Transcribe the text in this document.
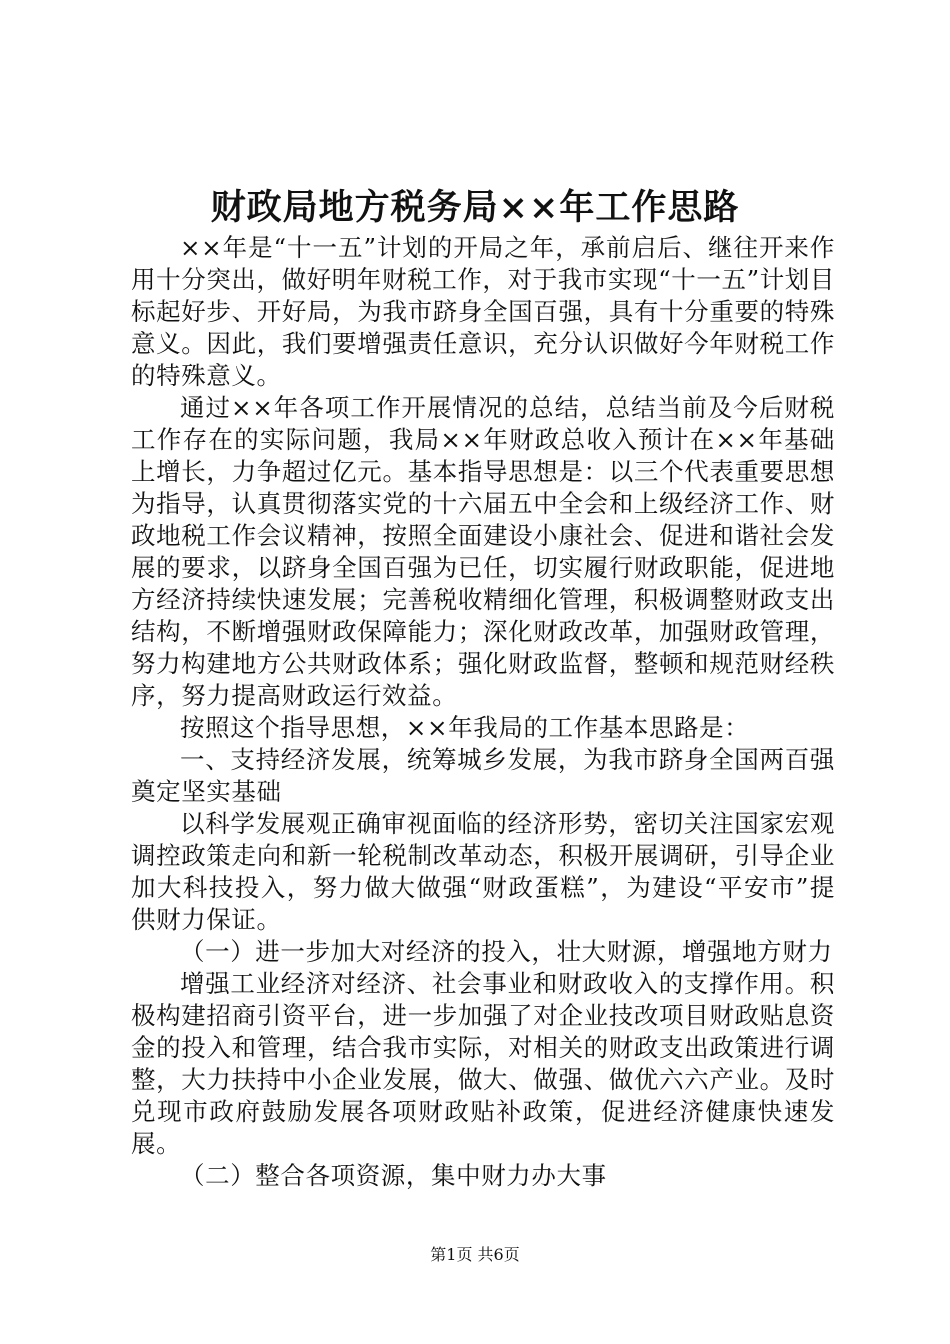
财政局地方税务局××年工作思路

××年是“十一五”计划的开局之年，承前启后、继往开来作用十分突出，做好明年财税工作，对于我市实现“十一五”计划目标起好步、开好局，为我市跻身全国百强，具有十分重要的特殊意义。因此，我们要增强责任意识，充分认识做好今年财税工作的特殊意义。

通过××年各项工作开展情况的总结，总结当前及今后财税工作存在的实际问题，我局××年财政总收入预计在××年基础上增长，力争超过亿元。基本指导思想是：以三个代表重要思想为指导，认真贯彻落实党的十六届五中全会和上级经济工作、财政地税工作会议精神，按照全面建设小康社会、促进和谐社会发展的要求，以跻身全国百强为已任，切实履行财政职能，促进地方经济持续快速发展；完善税收精细化管理，积极调整财政支出结构，不断增强财政保障能力；深化财政改革，加强财政管理，努力构建地方公共财政体系；强化财政监督，整顿和规范财经秩序，努力提高财政运行效益。

按照这个指导思想，××年我局的工作基本思路是：

一、支持经济发展，统筹城乡发展，为我市跻身全国两百强奠定坚实基础

以科学发展观正确审视面临的经济形势，密切关注国家宏观调控政策走向和新一轮税制改革动态，积极开展调研，引导企业加大科技投入，努力做大做强“财政蛋糕”，为建设“平安市”提供财力保证。

（一）进一步加大对经济的投入，壮大财源，增强地方财力

增强工业经济对经济、社会事业和财政收入的支撑作用。积极构建招商引资平台，进一步加强了对企业技改项目财政贴息资金的投入和管理，结合我市实际，对相关的财政支出政策进行调整，大力扶持中小企业发展，做大、做强、做优六六产业。及时兑现市政府鼓励发展各项财政贴补政策，促进经济健康快速发展。

（二）整合各项资源，集中财力办大事

第1页 共6页
